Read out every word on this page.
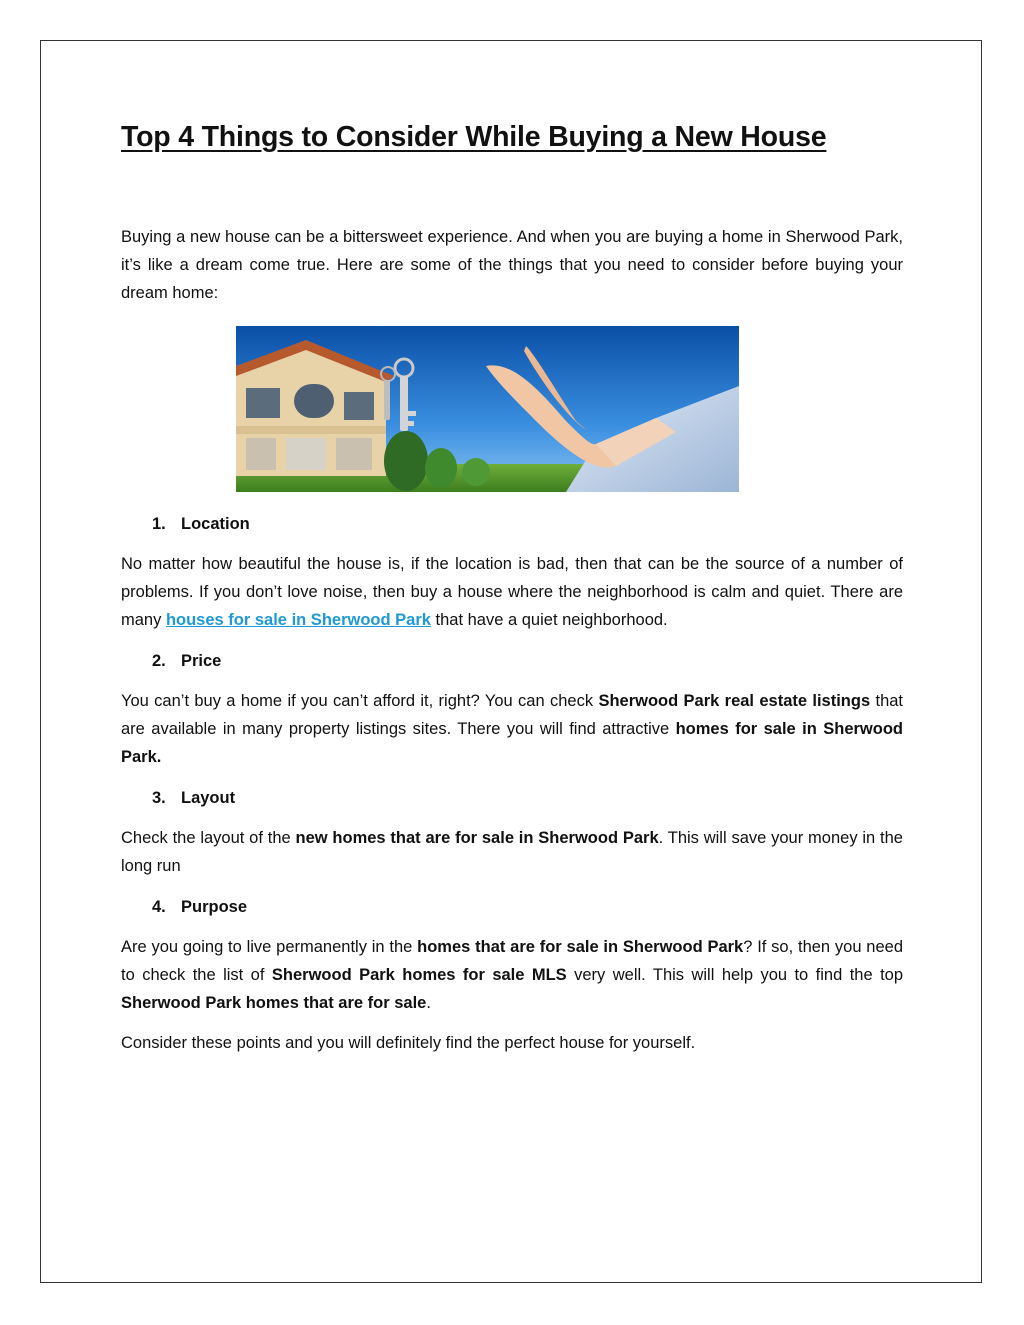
Top 4 Things to Consider While Buying a New House

Buying a new house can be a bittersweet experience. And when you are buying a home in Sherwood Park, it’s like a dream come true. Here are some of the things that you need to consider before buying your dream home:

1. Location

No matter how beautiful the house is, if the location is bad, then that can be the source of a number of problems. If you don’t love noise, then buy a house where the neighborhood is calm and quiet. There are many houses for sale in Sherwood Park that have a quiet neighborhood.

2. Price

You can’t buy a home if you can’t afford it, right? You can check Sherwood Park real estate listings that are available in many property listings sites. There you will find attractive homes for sale in Sherwood Park.

3. Layout

Check the layout of the new homes that are for sale in Sherwood Park. This will save your money in the long run

4. Purpose

Are you going to live permanently in the homes that are for sale in Sherwood Park? If so, then you need to check the list of Sherwood Park homes for sale MLS very well. This will help you to find the top Sherwood Park homes that are for sale.

Consider these points and you will definitely find the perfect house for yourself.
